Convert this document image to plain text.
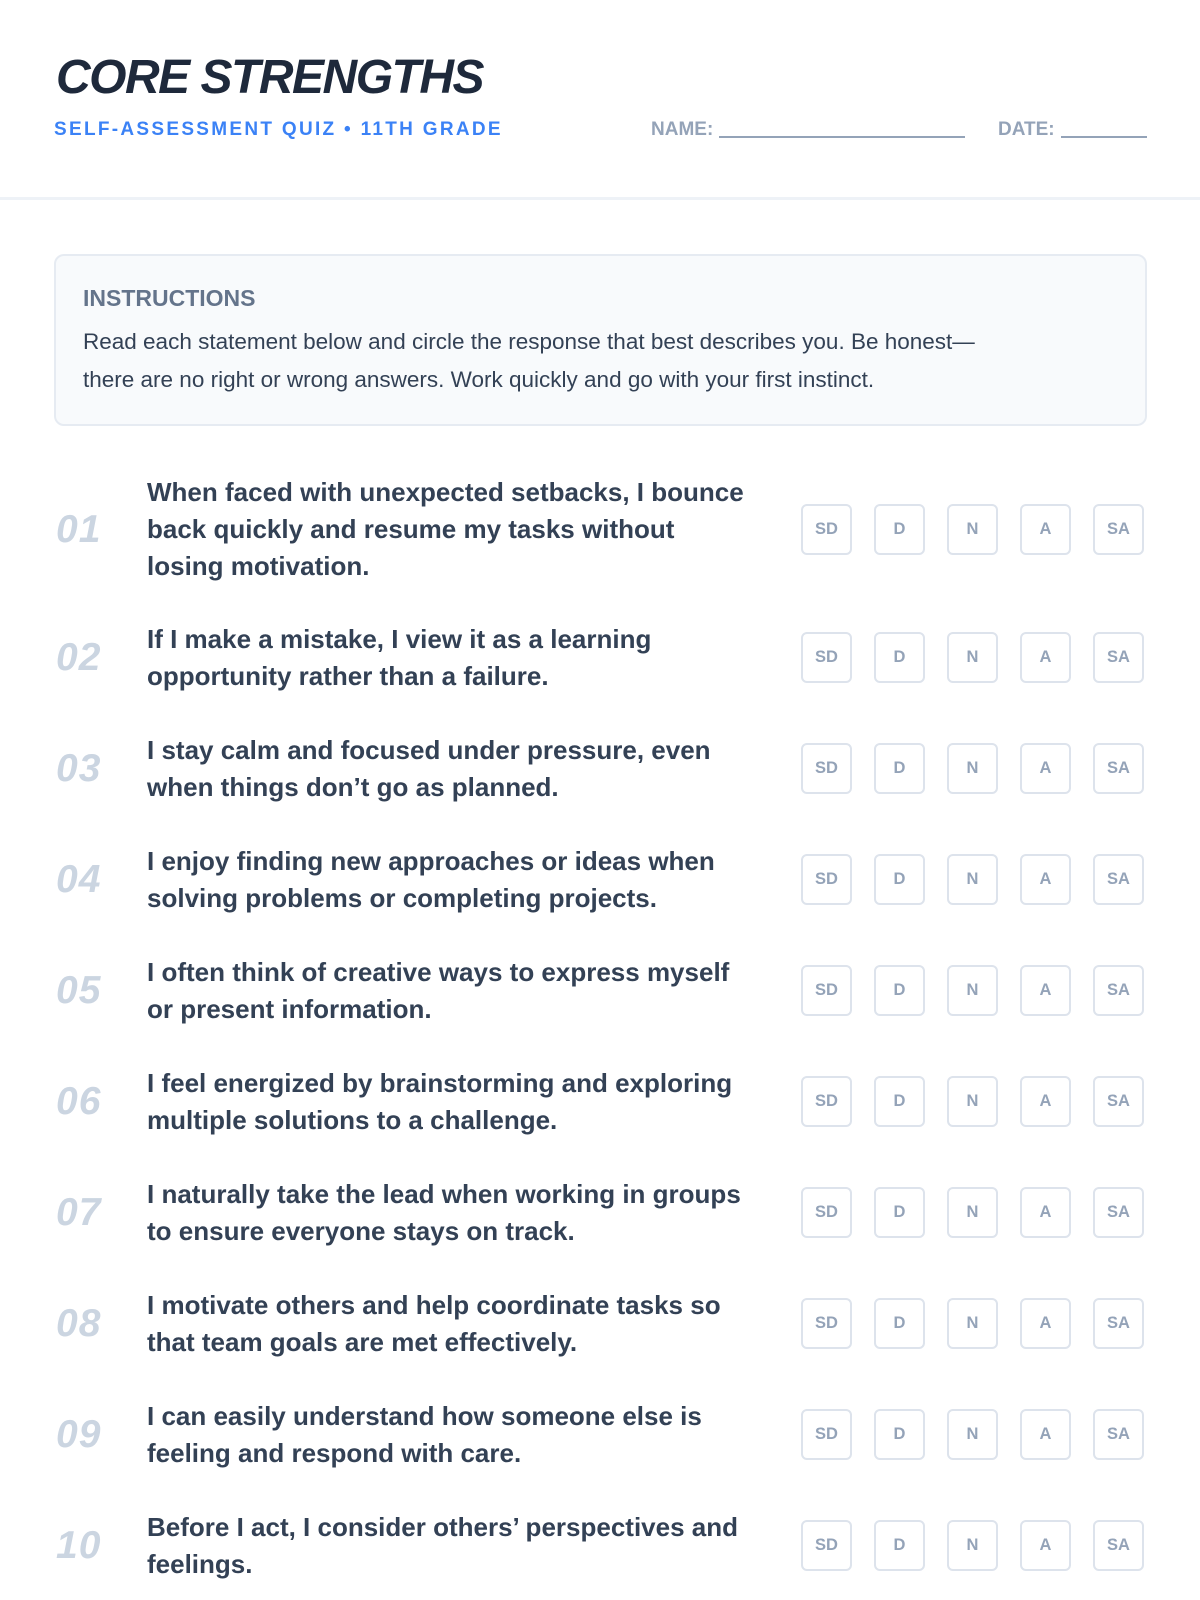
CORE STRENGTHS
SELF-ASSESSMENT QUIZ • 11TH GRADE	NAME:	DATE:
INSTRUCTIONS

Read each statement below and circle the response that best describes you. Be honest—
there are no right or wrong answers. Work quickly and go with your first instinct.

01
When faced with unexpected setbacks, I bounce
back quickly and resume my tasks without
losing motivation.
SD	D	N	A	SA
02	If I make a mistake, I view it as a learning
opportunity rather than a failure.
SD	D	N	A	SA
03	I stay calm and focused under pressure, even
when things don’t go as planned.
SD	D	N	A	SA
04	I enjoy finding new approaches or ideas when
solving problems or completing projects.
SD	D	N	A	SA
05	I often think of creative ways to express myself
or present information.
SD	D	N	A	SA
06	I feel energized by brainstorming and exploring
multiple solutions to a challenge.
SD	D	N	A	SA
07	I naturally take the lead when working in groups
to ensure everyone stays on track.
SD	D	N	A	SA
08	I motivate others and help coordinate tasks so
that team goals are met effectively.
SD	D	N	A	SA
09	I can easily understand how someone else is
feeling and respond with care.
SD	D	N	A	SA
10	Before I act, I consider others’ perspectives and
feelings.
SD	D	N	A	SA
